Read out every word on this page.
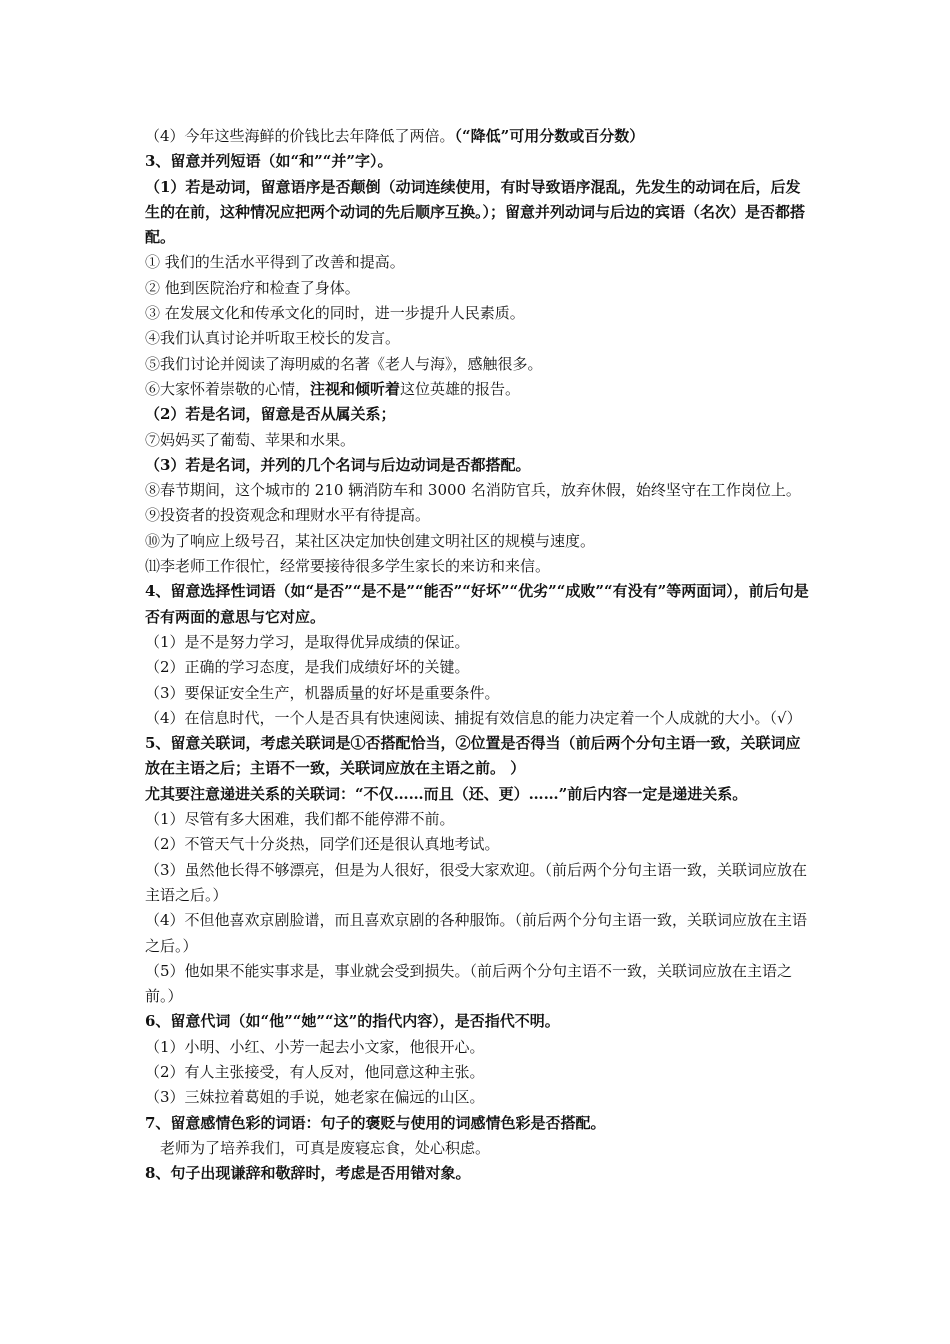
（4）今年这些海鲜的价钱比去年降低了两倍。（“降低”可用分数或百分数）
3、留意并列短语（如“和”“并”字）。
（1）若是动词，留意语序是否颠倒（动词连续使用，有时导致语序混乱，先发生的动词在后，后发生的在前，这种情况应把两个动词的先后顺序互换。）；留意并列动词与后边的宾语（名次）是否都搭配。
① 我们的生活水平得到了改善和提高。
② 他到医院治疗和检查了身体。
③ 在发展文化和传承文化的同时，进一步提升人民素质。
④我们认真讨论并听取王校长的发言。
⑤我们讨论并阅读了海明威的名著《老人与海》，感触很多。
⑥大家怀着崇敬的心情，注视和倾听着这位英雄的报告。
（2）若是名词，留意是否从属关系；
⑦妈妈买了葡萄、苹果和水果。
（3）若是名词，并列的几个名词与后边动词是否都搭配。
⑧春节期间，这个城市的 210 辆消防车和 3000 名消防官兵，放弃休假，始终坚守在工作岗位上。
⑨投资者的投资观念和理财水平有待提高。
⑩为了响应上级号召，某社区决定加快创建文明社区的规模与速度。
⑾李老师工作很忙，经常要接待很多学生家长的来访和来信。
4、留意选择性词语（如“是否”“是不是”“能否”“好坏”“优劣”“成败”“有没有”等两面词），前后句是否有两面的意思与它对应。
（1）是不是努力学习，是取得优异成绩的保证。
（2）正确的学习态度，是我们成绩好坏的关键。
（3）要保证安全生产，机器质量的好坏是重要条件。
（4）在信息时代，一个人是否具有快速阅读、捕捉有效信息的能力决定着一个人成就的大小。（√）
5、留意关联词，考虑关联词是①否搭配恰当，②位置是否得当（前后两个分句主语一致，关联词应放在主语之后；主语不一致，关联词应放在主语之前。 ）
尤其要注意递进关系的关联词：“不仅……而且（还、更）……”前后内容一定是递进关系。
（1）尽管有多大困难，我们都不能停滞不前。
（2）不管天气十分炎热，同学们还是很认真地考试。
（3）虽然他长得不够漂亮，但是为人很好，很受大家欢迎。（前后两个分句主语一致，关联词应放在主语之后。）
（4）不但他喜欢京剧脸谱，而且喜欢京剧的各种服饰。（前后两个分句主语一致，关联词应放在主语之后。）
（5）他如果不能实事求是，事业就会受到损失。（前后两个分句主语不一致，关联词应放在主语之前。）
6、留意代词（如“他”“她”“这”的指代内容），是否指代不明。
（1）小明、小红、小芳一起去小文家，他很开心。
（2）有人主张接受，有人反对，他同意这种主张。
（3）三妹拉着葛姐的手说，她老家在偏远的山区。
7、留意感情色彩的词语：句子的褒贬与使用的词感情色彩是否搭配。
老师为了培养我们，可真是废寝忘食，处心积虑。
8、句子出现谦辞和敬辞时，考虑是否用错对象。
